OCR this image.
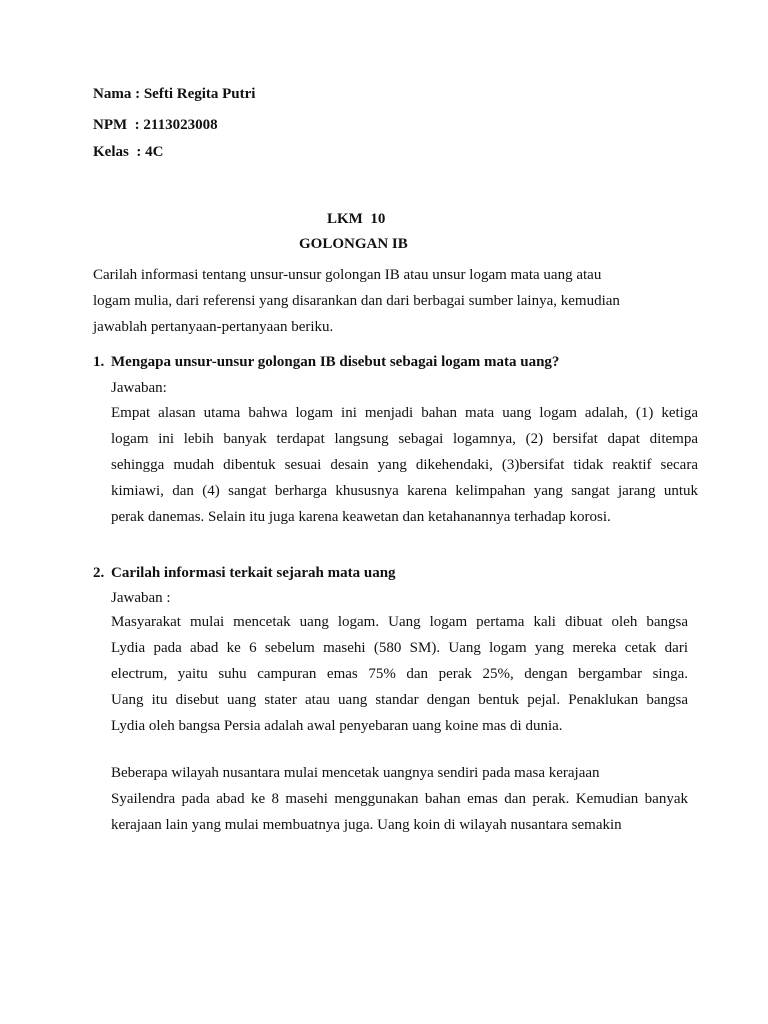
Nama : Sefti Regita Putri
NPM  : 2113023008
Kelas  : 4C
LKM  10
GOLONGAN IB
Carilah informasi tentang unsur-unsur golongan IB atau unsur logam mata uang atau
logam mulia, dari referensi yang disarankan dan dari berbagai sumber lainya, kemudian
jawablah pertanyaan-pertanyaan beriku.
1. Mengapa unsur-unsur golongan IB disebut sebagai logam mata uang?
Jawaban:
Empat alasan utama bahwa logam ini menjadi bahan mata uang logam adalah, (1) ketiga
logam ini lebih banyak terdapat langsung sebagai logamnya, (2) bersifat dapat ditempa
sehingga mudah dibentuk sesuai desain yang dikehendaki, (3)bersifat tidak reaktif secara
kimiawi, dan (4) sangat berharga khususnya karena kelimpahan yang sangat jarang untuk
perak danemas. Selain itu juga karena keawetan dan ketahanannya terhadap korosi.
2. Carilah informasi terkait sejarah mata uang
Jawaban :
Masyarakat mulai mencetak uang logam. Uang logam pertama kali dibuat oleh bangsa
Lydia pada abad ke 6 sebelum masehi (580 SM). Uang logam yang mereka cetak dari
electrum, yaitu suhu campuran emas 75% dan perak 25%, dengan bergambar singa.
Uang itu disebut uang stater atau uang standar dengan bentuk pejal. Penaklukan bangsa
Lydia oleh bangsa Persia adalah awal penyebaran uang koine mas di dunia.
Beberapa wilayah nusantara mulai mencetak uangnya sendiri pada masa kerajaan
Syailendra pada abad ke 8 masehi menggunakan bahan emas dan perak. Kemudian banyak
kerajaan lain yang mulai membuatnya juga. Uang koin di wilayah nusantara semakin
